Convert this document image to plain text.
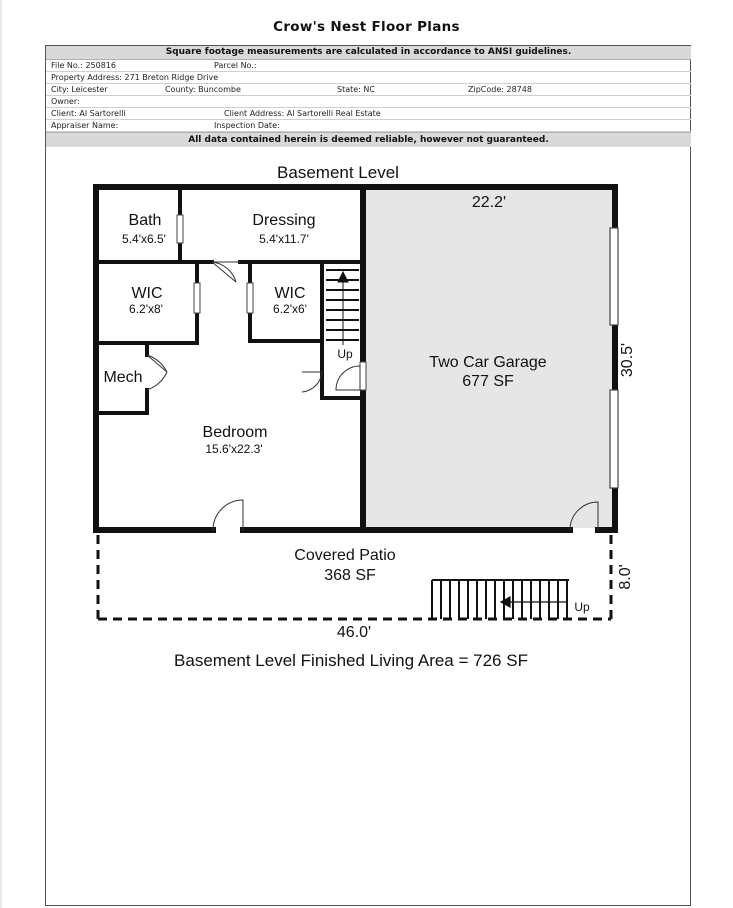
Crow's Nest Floor Plans
Square footage measurements are calculated in accordance to ANSI guidelines.
File No.: 250816	Parcel No.:
Property Address: 271 Breton Ridge Drive
City: Leicester	County: Buncombe	State: NC	ZipCode: 28748
Owner:
Client: Al Sartorelli	Client Address: Al Sartorelli Real Estate
Appraiser Name:	Inspection Date:
All data contained herein is deemed reliable, however not guaranteed.
Basement Level
Bath
5.4'x6.5'
Dressing
5.4'x11.7'
WIC
6.2'x8'
WIC
6.2'x6'
Mech
Bedroom
15.6'x22.3'
Up
22.2'
Two Car Garage
677 SF
30.5'
Covered Patio
368 SF	8.0'
Up
46.0'
Basement Level Finished Living Area = 726 SF
